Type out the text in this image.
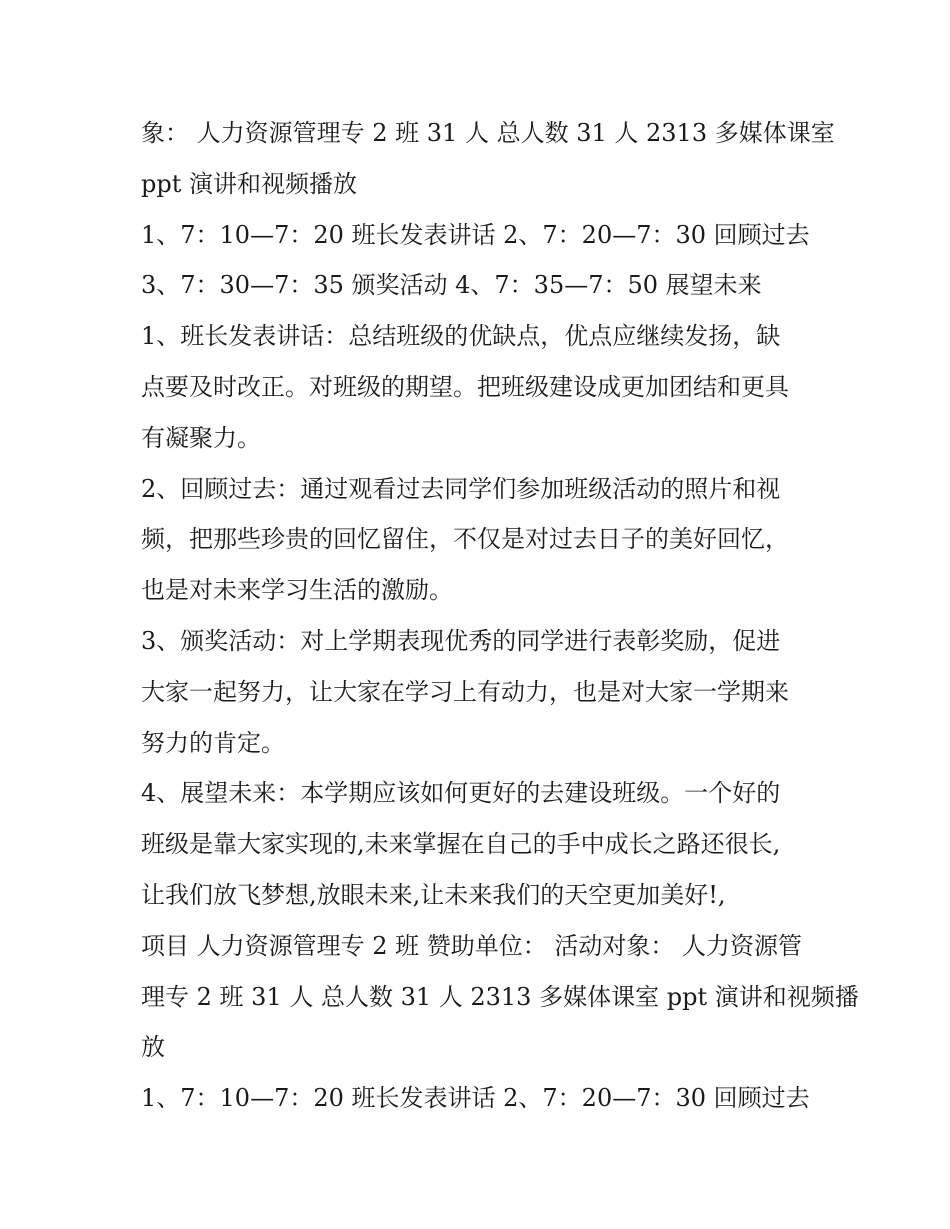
象： 人力资源管理专 2 班 31 人 总人数 31 人 2313 多媒体课室
ppt 演讲和视频播放
1、7：10—7：20 班长发表讲话 2、7：20—7：30 回顾过去
3、7：30—7：35 颁奖活动 4、7：35—7：50 展望未来
1、班长发表讲话：总结班级的优缺点，优点应继续发扬，缺
点要及时改正。对班级的期望。把班级建设成更加团结和更具
有凝聚力。
2、回顾过去：通过观看过去同学们参加班级活动的照片和视
频，把那些珍贵的回忆留住，不仅是对过去日子的美好回忆，
也是对未来学习生活的激励。
3、颁奖活动：对上学期表现优秀的同学进行表彰奖励，促进
大家一起努力，让大家在学习上有动力，也是对大家一学期来
努力的肯定。
4、展望未来：本学期应该如何更好的去建设班级。一个好的
班级是靠大家实现的,未来掌握在自己的手中成长之路还很长,
让我们放飞梦想,放眼未来,让未来我们的天空更加美好!,
项目 人力资源管理专 2 班 赞助单位： 活动对象： 人力资源管
理专 2 班 31 人 总人数 31 人 2313 多媒体课室 ppt 演讲和视频播
放
1、7：10—7：20 班长发表讲话 2、7：20—7：30 回顾过去
